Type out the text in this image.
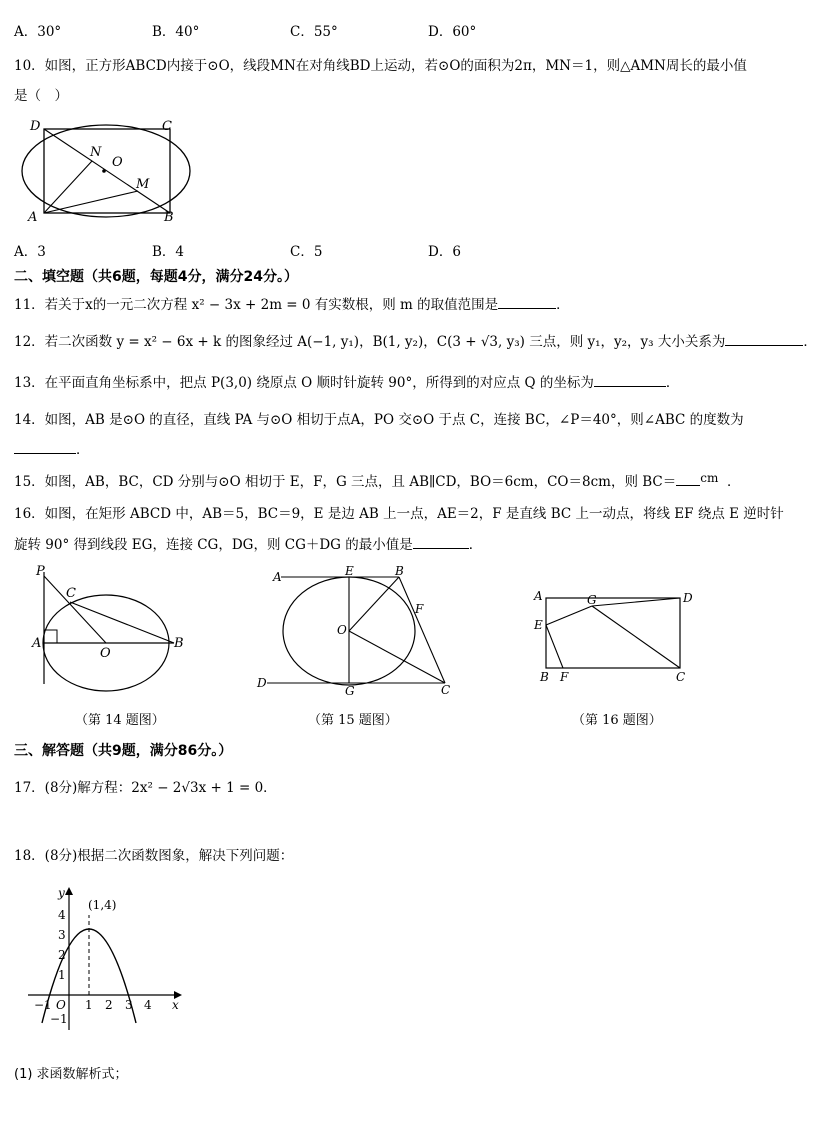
A．30°	B．40°	C．55°	D．60°
10．如图，正方形ABCD内接于⊙O，线段MN在对角线BD上运动，若⊙O的面积为2π，MN＝1，则△AMN周长的最小值
是（　）
D	C
N
O
M
A	B
A．3	B．4	C．5	D．6
二、填空题（共6题，每题4分，满分24分。）
11．若关于x的一元二次方程 x² − 3x + 2m = 0 有实数根，则 m 的取值范围是	．
12．若二次函数 y = x² − 6x + k 的图象经过 A(−1, y₁)，B(1, y₂)，C(3 + √3, y₃) 三点，则 y₁，y₂，y₃ 大小关系为	．
13．在平面直角坐标系中，把点 P(3,0) 绕原点 O 顺时针旋转 90°，所得到的对应点 Q 的坐标为	．
14．如图，AB 是⊙O 的直径，直线 PA 与⊙O 相切于点A，PO 交⊙O 于点 C，连接 BC，∠P＝40°，则∠ABC 的度数为
．
15．如图，AB，BC，CD 分别与⊙O 相切于 E，F，G 三点，且 AB∥CD，BO＝6cm，CO＝8cm，则 BC＝ cm ．
16．如图，在矩形 ABCD 中，AB＝5，BC＝9，E 是边 AB 上一点，AE＝2，F 是直线 BC 上一动点，将线 EF 绕点 E 逆时针
旋转 90° 得到线段 EG，连接 CG，DG，则 CG＋DG 的最小值是	．
P
C
A
O
B
（第 14 题图）
A	E	B
F
O
D
G	C
（第 15 题图）
A	G	D
E
B F	C
（第 16 题图）
三、解答题（共9题，满分86分。）
17．(8分)解方程：2x² − 2√3x + 1 = 0．
18．(8分)根据二次函数图象，解决下列问题：
(1,4)
y
x
−1 O 1 2 3 4
4
3
2
1
−1
(1) 求函数解析式；
